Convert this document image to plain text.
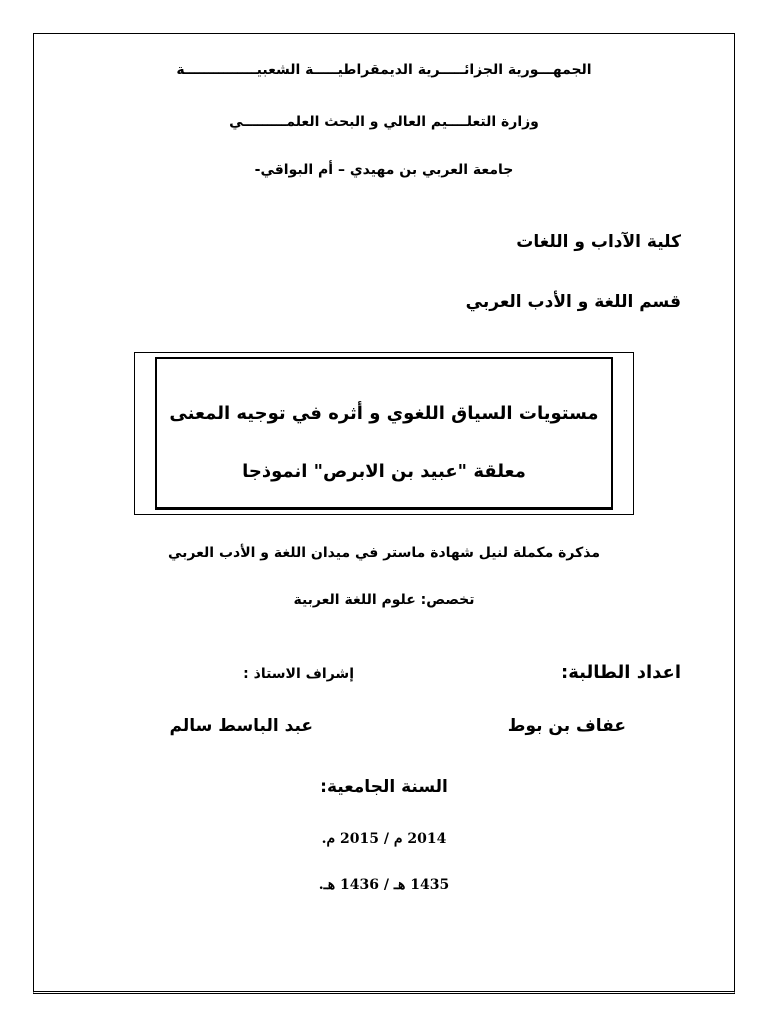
الجمهـــورية الجزائـــــرية الديمقراطيـــــة الشعبيـــــــــــــــة
وزارة التعلــــيم العالي و البحث العلمـــــــــي
جامعة العربي بن مهيدي – أم البواقي-
كلية الآداب و اللغات
قسم اللغة و الأدب العربي
مستويات السياق اللغوي و أثره في توجيه المعنى
معلقة "عبيد بن الابرص" انموذجا
مذكرة مكملة لنيل شهادة ماستر في ميدان اللغة و الأدب العربي
تخصص: علوم اللغة العربية
اعداد الطالبة:
إشراف الاستاذ :
عفاف بن بوط
عبد الباسط سالم
السنة الجامعية:
2014 م / 2015 م.
1435 هـ / 1436 هـ.
